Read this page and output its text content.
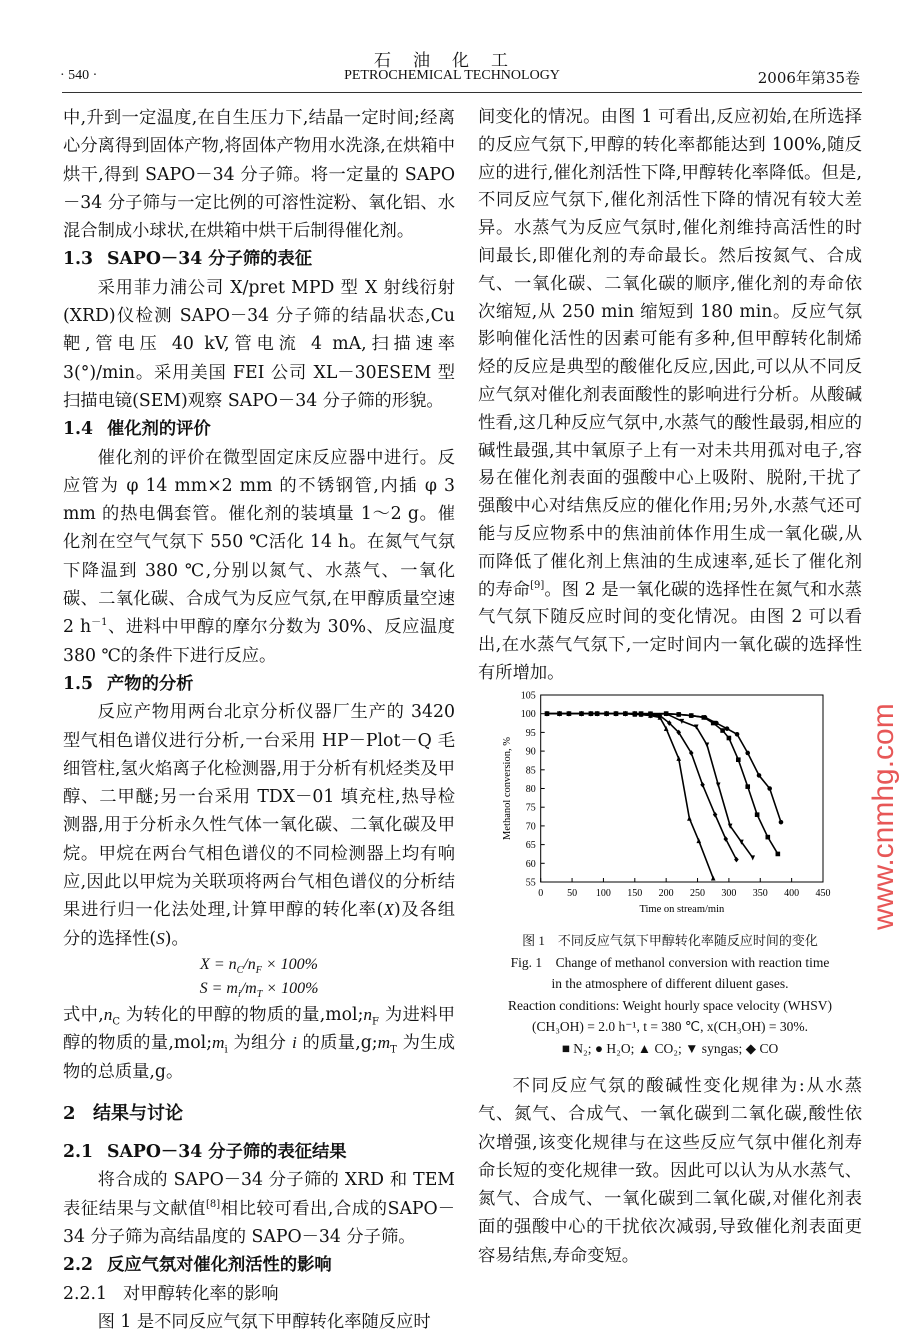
石油化工
· 540 ·	PETROCHEMICAL TECHNOLOGY	2006年第35卷

中,升到一定温度,在自生压力下,结晶一定时间;经离心分离得到固体产物,将固体产物用水洗涤,在烘箱中烘干,得到 SAPO－34 分子筛。将一定量的 SAPO－34 分子筛与一定比例的可溶性淀粉、氧化铝、水混合制成小球状,在烘箱中烘干后制得催化剂。

1.3 SAPO－34 分子筛的表征

采用菲力浦公司 X/pret MPD 型 X 射线衍射(XRD)仪检测 SAPO－34 分子筛的结晶状态,Cu 靶,管电压 40 kV,管电流 4 mA,扫描速率 3(°)/min。采用美国 FEI 公司 XL－30ESEM 型扫描电镜(SEM)观察 SAPO－34 分子筛的形貌。

1.4 催化剂的评价

催化剂的评价在微型固定床反应器中进行。反应管为 φ 14 mm×2 mm 的不锈钢管,内插 φ 3 mm 的热电偶套管。催化剂的装填量 1～2 g。催化剂在空气气氛下 550 ℃活化 14 h。在氮气气氛下降温到 380 ℃,分别以氮气、水蒸气、一氧化碳、二氧化碳、合成气为反应气氛,在甲醇质量空速 2 $h^{-1}$、进料中甲醇的摩尔分数为 30%、反应温度 380 ℃的条件下进行反应。

1.5 产物的分析

反应产物用两台北京分析仪器厂生产的 3420 型气相色谱仪进行分析,一台采用 HP－Plot－Q 毛细管柱,氢火焰离子化检测器,用于分析有机烃类及甲醇、二甲醚;另一台采用 TDX－01 填充柱,热导检测器,用于分析永久性气体一氧化碳、二氧化碳及甲烷。甲烷在两台气相色谱仪的不同检测器上均有响应,因此以甲烷为关联项将两台气相色谱仪的分析结果进行归一化法处理,计算甲醇的转化率(X)及各组分的选择性(S)。

$X = n_C/n_F \times 100\%$
$S = m_i/m_T \times 100\%$

式中$,n_C$ 为转化的甲醇的物质的量$,mol;n_F$ 为进料甲醇的物质的量$,mol;m_i$ 为组分 i 的质量$,g;m_T$ 为生成物的总质量,g。

2 结果与讨论
2.1 SAPO－34 分子筛的表征结果

将合成的 SAPO－34 分子筛的 XRD 和 TEM 表征结果与文献值[8]相比较可看出,合成的SAPO－34 分子筛为高结晶度的 SAPO－34 分子筛。

2.2 反应气氛对催化剂活性的影响
2.2.1 对甲醇转化率的影响

图 1 是不同反应气氛下甲醇转化率随反应时

间变化的情况。由图 1 可看出,反应初始,在所选择的反应气氛下,甲醇的转化率都能达到 100%,随反应的进行,催化剂活性下降,甲醇转化率降低。但是,不同反应气氛下,催化剂活性下降的情况有较大差异。水蒸气为反应气氛时,催化剂维持高活性的时间最长,即催化剂的寿命最长。然后按氮气、合成气、一氧化碳、二氧化碳的顺序,催化剂的寿命依次缩短,从 250 min 缩短到 180 min。反应气氛影响催化活性的因素可能有多种,但甲醇转化制烯烃的反应是典型的酸催化反应,因此,可以从不同反应气氛对催化剂表面酸性的影响进行分析。从酸碱性看,这几种反应气氛中,水蒸气的酸性最弱,相应的碱性最强,其中氧原子上有一对未共用孤对电子,容易在催化剂表面的强酸中心上吸附、脱附,干扰了强酸中心对结焦反应的催化作用;另外,水蒸气还可能与反应物系中的焦油前体作用生成一氧化碳,从而降低了催化剂上焦油的生成速率,延长了催化剂的寿命[9]。图 2 是一氧化碳的选择性在氮气和水蒸气气氛下随反应时间的变化情况。由图 2 可以看出,在水蒸气气氛下,一定时间内一氧化碳的选择性有所增加。

0 50 100 150 200 250 300 350 400 450
55
60
65
70
75
80
85
90
95
100
105
Time on stream/min
Methanol conversion, %
图 1　不同反应气氛下甲醇转化率随反应时间的变化
Fig. 1　Change of methanol conversion with reaction time
in the atmosphere of different diluent gases.
Reaction conditions: Weight hourly space velocity (WHSV)
(CH₃OH) = 2.0 h⁻¹, t = 380 ℃, x(CH₃OH) = 30%.
■ N₂; ● H₂O; ▲ CO₂; ▼ syngas; ◆ CO

不同反应气氛的酸碱性变化规律为:从水蒸气、氮气、合成气、一氧化碳到二氧化碳,酸性依次增强,该变化规律与在这些反应气氛中催化剂寿命长短的变化规律一致。因此可以认为从水蒸气、氮气、合成气、一氧化碳到二氧化碳,对催化剂表面的强酸中心的干扰依次减弱,导致催化剂表面更容易结焦,寿命变短。

www.cnmhg.com
